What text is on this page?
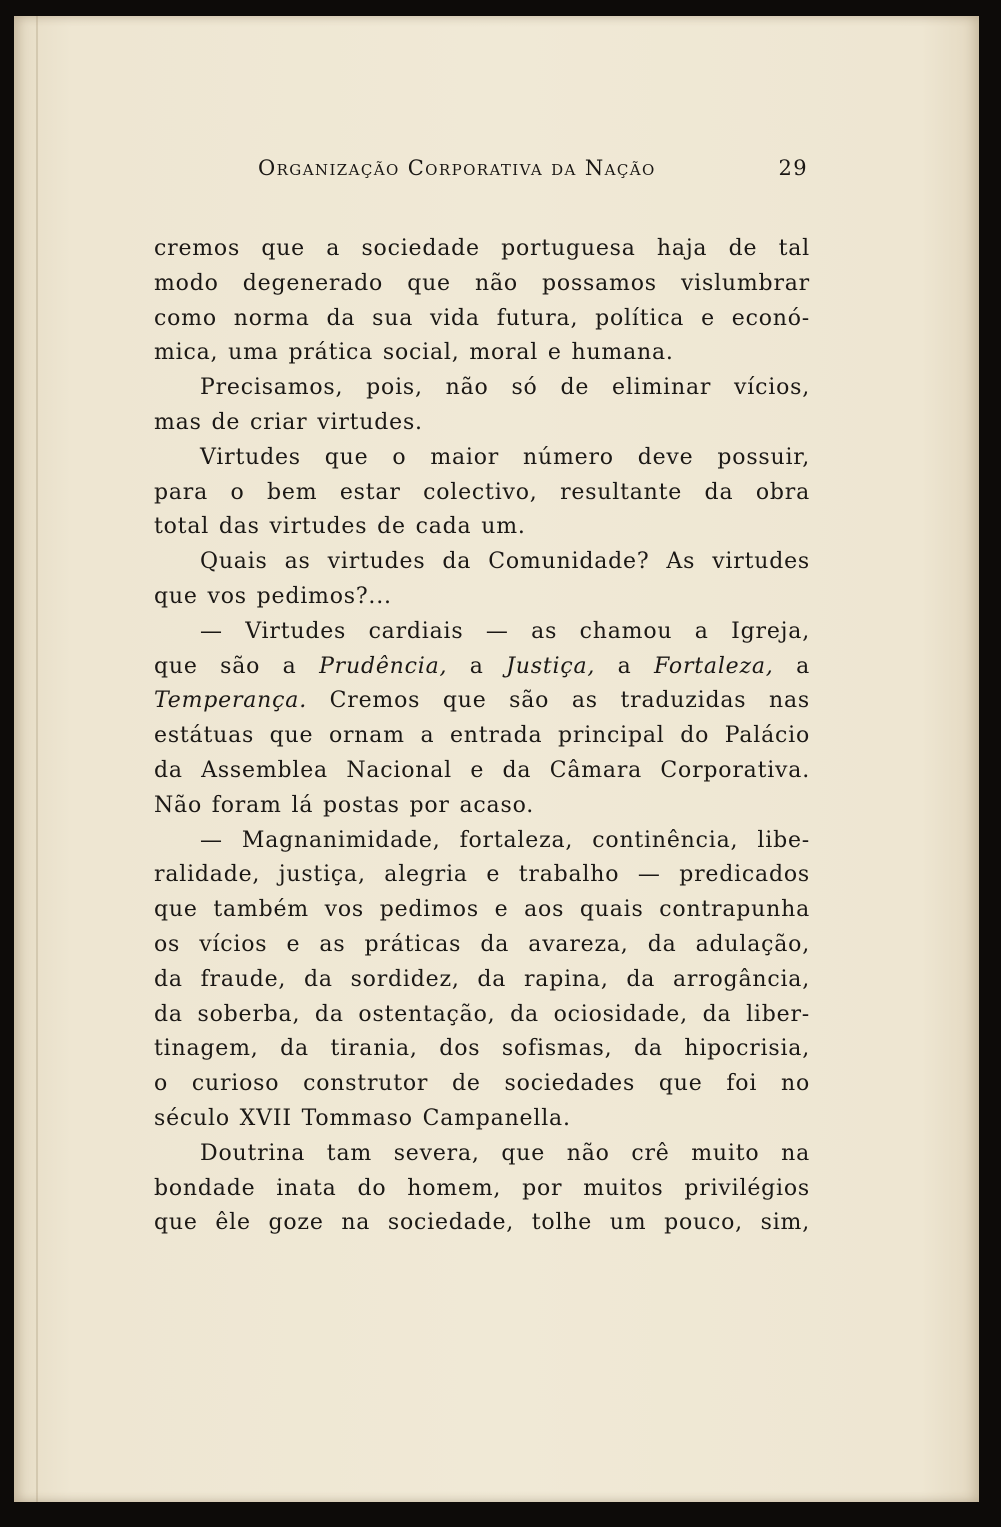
Organização Corporativa da Nação	29
cremos que a sociedade portuguesa haja de tal
modo degenerado que não possamos vislumbrar
como norma da sua vida futura, política e econó-
mica, uma prática social, moral e humana.
Precisamos, pois, não só de eliminar vícios,
mas de criar virtudes.
Virtudes que o maior número deve possuir,
para o bem estar colectivo, resultante da obra
total das virtudes de cada um.
Quais as virtudes da Comunidade? As virtudes
que vos pedimos?...
— Virtudes cardiais — as chamou a Igreja,
que são a Prudência, a Justiça, a Fortaleza, a
Temperança. Cremos que são as traduzidas nas
estátuas que ornam a entrada principal do Palácio
da Assemblea Nacional e da Câmara Corporativa.
Não foram lá postas por acaso.
— Magnanimidade, fortaleza, continência, libe-
ralidade, justiça, alegria e trabalho — predicados
que também vos pedimos e aos quais contrapunha
os vícios e as práticas da avareza, da adulação,
da fraude, da sordidez, da rapina, da arrogância,
da soberba, da ostentação, da ociosidade, da liber-
tinagem, da tirania, dos sofismas, da hipocrisia,
o curioso construtor de sociedades que foi no
século XVII Tommaso Campanella.
Doutrina tam severa, que não crê muito na
bondade inata do homem, por muitos privilégios
que êle goze na sociedade, tolhe um pouco, sim,
